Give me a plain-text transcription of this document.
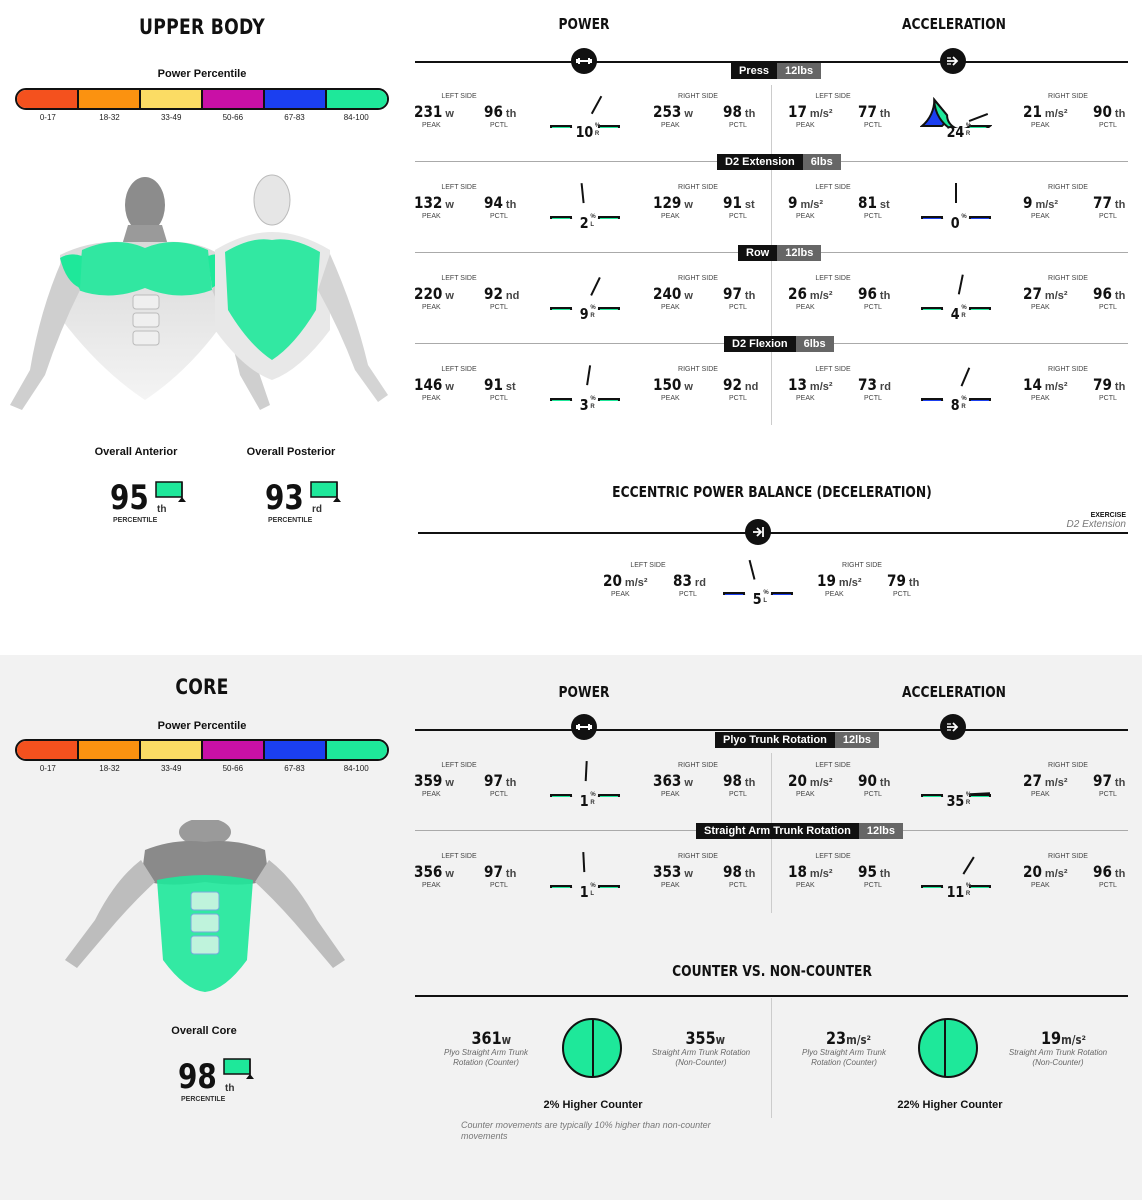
UPPER BODY
Power Percentile
0-17	18-32	33-49	50-66	67-83	84-100
Overall Anterior
95 th
PERCENTILE
Overall Posterior
93 rd
PERCENTILE
POWER	ACCELERATION
Press	12lbs
LEFT SIDE
231 w 96 th
PEAK	PCTL	10 %
R
RIGHT SIDE
253 w 98 th
PEAK	PCTL
LEFT SIDE
17 m/s² 77 th
PEAK	PCTL	24 %
R
RIGHT SIDE
21 m/s² 90 th
PEAK	PCTL
D2 Extension	6lbs
LEFT SIDE
132 w 94 th
PEAK	PCTL	2 %
L
RIGHT SIDE
129 w 91 st
PEAK	PCTL
LEFT SIDE
9 m/s² 81 st
PEAK	PCTL	0 %
RIGHT SIDE
9 m/s² 77 th
PEAK	PCTL
Row	12lbs
LEFT SIDE
220 w 92 nd
PEAK	PCTL	9 %
R
RIGHT SIDE
240 w 97 th
PEAK	PCTL
LEFT SIDE
26 m/s² 96 th
PEAK	PCTL	4 %
R
RIGHT SIDE
27 m/s² 96 th
PEAK	PCTL
D2 Flexion	6lbs
LEFT SIDE
146 w 91 st
PEAK	PCTL	3 %
R
RIGHT SIDE
150 w 92 nd
PEAK	PCTL
LEFT SIDE
13 m/s² 73 rd
PEAK	PCTL	8 %
R
RIGHT SIDE
14 m/s² 79 th
PEAK	PCTL
ECCENTRIC POWER BALANCE (DECELERATION)
EXERCISE
D2 Extension
LEFT SIDE
20 m/s² 83 rd
PEAK	PCTL	5 %
L
RIGHT SIDE
19 m/s² 79 th
PEAK	PCTL
CORE
Power Percentile
0-17	18-32	33-49	50-66	67-83	84-100
Overall Core
98 th
PERCENTILE
POWER	ACCELERATION
Plyo Trunk Rotation	12lbs
LEFT SIDE
359 w 97 th
PEAK	PCTL	1 %
R
RIGHT SIDE
363 w 98 th
PEAK	PCTL
LEFT SIDE
20 m/s² 90 th
PEAK	PCTL	35 %
R
RIGHT SIDE
27 m/s² 97 th
PEAK	PCTL
Straight Arm Trunk Rotation	12lbs
LEFT SIDE
356 w 97 th
PEAK	PCTL	1 %
L
RIGHT SIDE
353 w 98 th
PEAK	PCTL
LEFT SIDE
18 m/s² 95 th
PEAK	PCTL	11 %
R
RIGHT SIDE
20 m/s² 96 th
PEAK	PCTL
COUNTER VS. NON-COUNTER
361w
Plyo Straight Arm Trunk Rotation (Counter)
355w
Straight Arm Trunk Rotation (Non-Counter)
2% Higher Counter
Counter movements are typically 10% higher than non-counter movements
23m/s²
Plyo Straight Arm Trunk Rotation (Counter)
19m/s²
Straight Arm Trunk Rotation (Non-Counter)
22% Higher Counter
